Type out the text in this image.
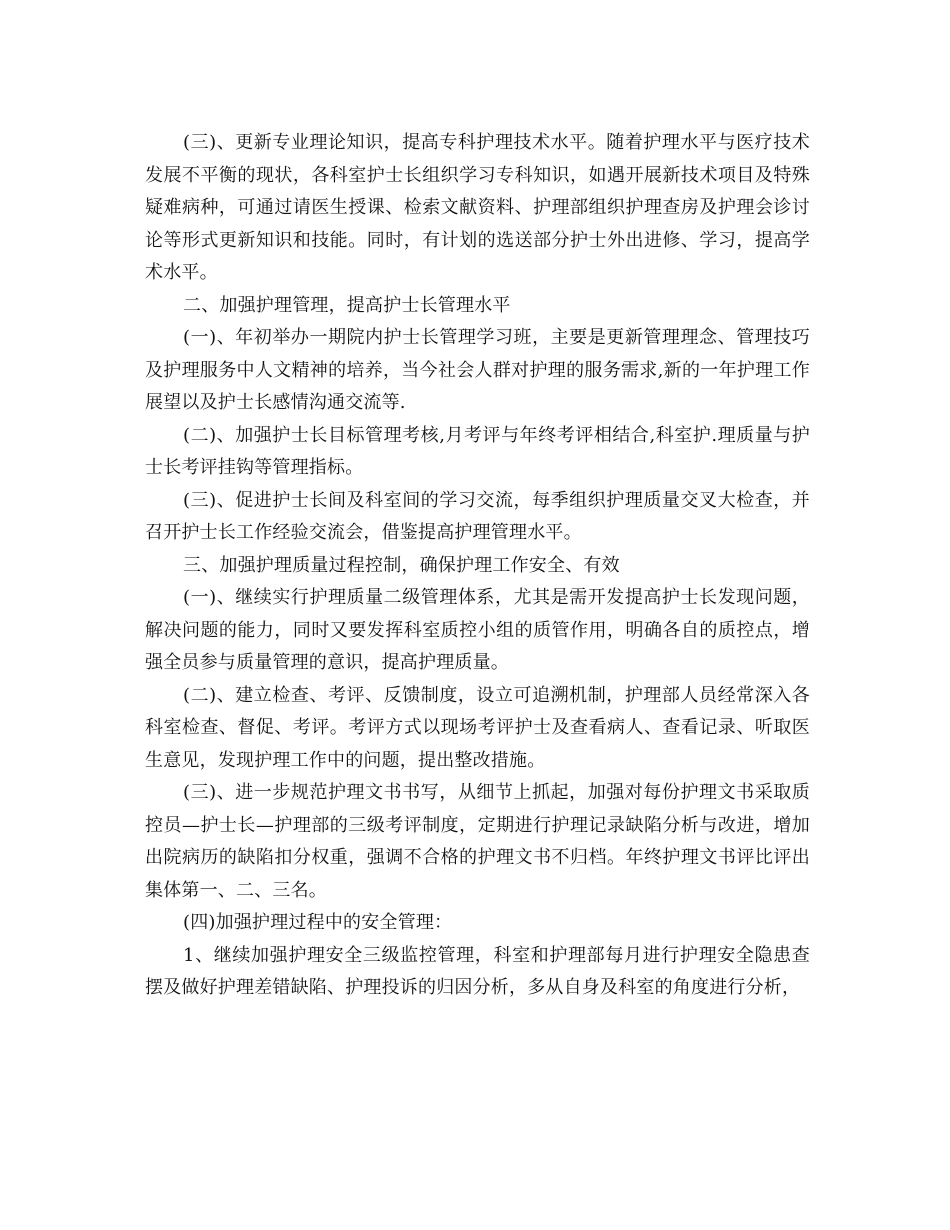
(三)、更新专业理论知识，提高专科护理技术水平。随着护理水平与医疗技术发展不平衡的现状，各科室护士长组织学习专科知识，如遇开展新技术项目及特殊疑难病种，可通过请医生授课、检索文献资料、护理部组织护理查房及护理会诊讨论等形式更新知识和技能。同时，有计划的选送部分护士外出进修、学习，提高学术水平。

二、加强护理管理，提高护士长管理水平

(一)、年初举办一期院内护士长管理学习班，主要是更新管理理念、管理技巧及护理服务中人文精神的培养，当今社会人群对护理的服务需求,新的一年护理工作展望以及护士长感情沟通交流等.

(二)、加强护士长目标管理考核,月考评与年终考评相结合,科室护.理质量与护士长考评挂钩等管理指标。

(三)、促进护士长间及科室间的学习交流，每季组织护理质量交叉大检查，并召开护士长工作经验交流会，借鉴提高护理管理水平。

三、加强护理质量过程控制，确保护理工作安全、有效

(一)、继续实行护理质量二级管理体系，尤其是需开发提高护士长发现问题，解决问题的能力，同时又要发挥科室质控小组的质管作用，明确各自的质控点，增强全员参与质量管理的意识，提高护理质量。

(二)、建立检查、考评、反馈制度，设立可追溯机制，护理部人员经常深入各科室检查、督促、考评。考评方式以现场考评护士及查看病人、查看记录、听取医生意见，发现护理工作中的问题，提出整改措施。

(三)、进一步规范护理文书书写，从细节上抓起，加强对每份护理文书采取质控员—护士长—护理部的三级考评制度，定期进行护理记录缺陷分析与改进，增加出院病历的缺陷扣分权重，强调不合格的护理文书不归档。年终护理文书评比评出集体第一、二、三名。

(四)加强护理过程中的安全管理：

1、继续加强护理安全三级监控管理，科室和护理部每月进行护理安全隐患查摆及做好护理差错缺陷、护理投诉的归因分析，多从自身及科室的角度进行分析，
